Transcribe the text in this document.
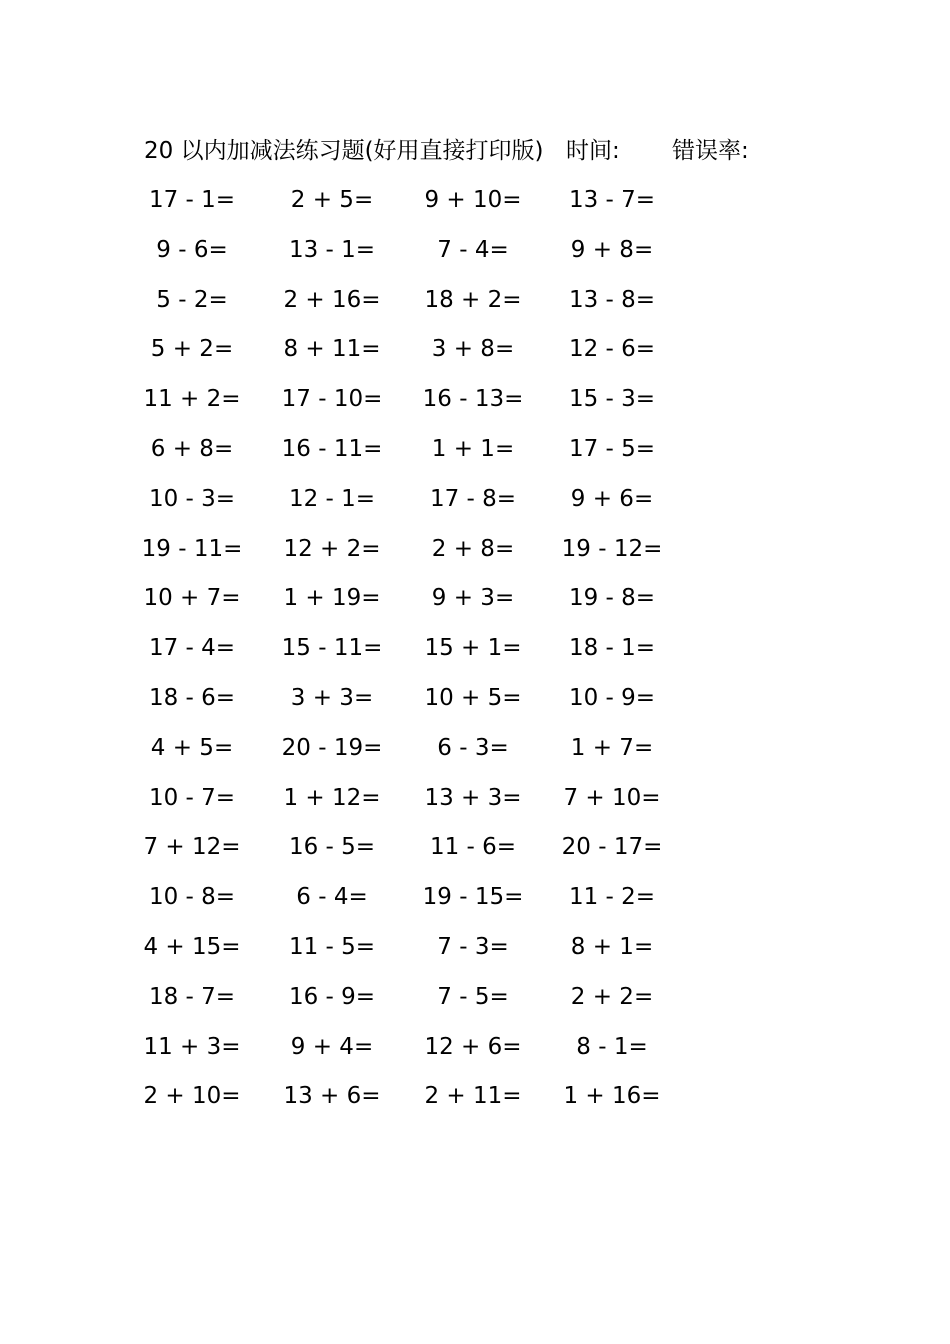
20 以内加减法练习题(好用直接打印版) 时间: 错误率:
17 - 1=	2 + 5=	9 + 10=	13 - 7=
9 - 6=	13 - 1=	7 - 4=	9 + 8=
5 - 2=	2 + 16=	18 + 2=	13 - 8=
5 + 2=	8 + 11=	3 + 8=	12 - 6=
11 + 2=	17 - 10=	16 - 13=	15 - 3=
6 + 8=	16 - 11=	1 + 1=	17 - 5=
10 - 3=	12 - 1=	17 - 8=	9 + 6=
19 - 11=	12 + 2=	2 + 8=	19 - 12=
10 + 7=	1 + 19=	9 + 3=	19 - 8=
17 - 4=	15 - 11=	15 + 1=	18 - 1=
18 - 6=	3 + 3=	10 + 5=	10 - 9=
4 + 5=	20 - 19=	6 - 3=	1 + 7=
10 - 7=	1 + 12=	13 + 3=	7 + 10=
7 + 12=	16 - 5=	11 - 6=	20 - 17=
10 - 8=	6 - 4=	19 - 15=	11 - 2=
4 + 15=	11 - 5=	7 - 3=	8 + 1=
18 - 7=	16 - 9=	7 - 5=	2 + 2=
11 + 3=	9 + 4=	12 + 6=	8 - 1=
2 + 10=	13 + 6=	2 + 11=	1 + 16=
